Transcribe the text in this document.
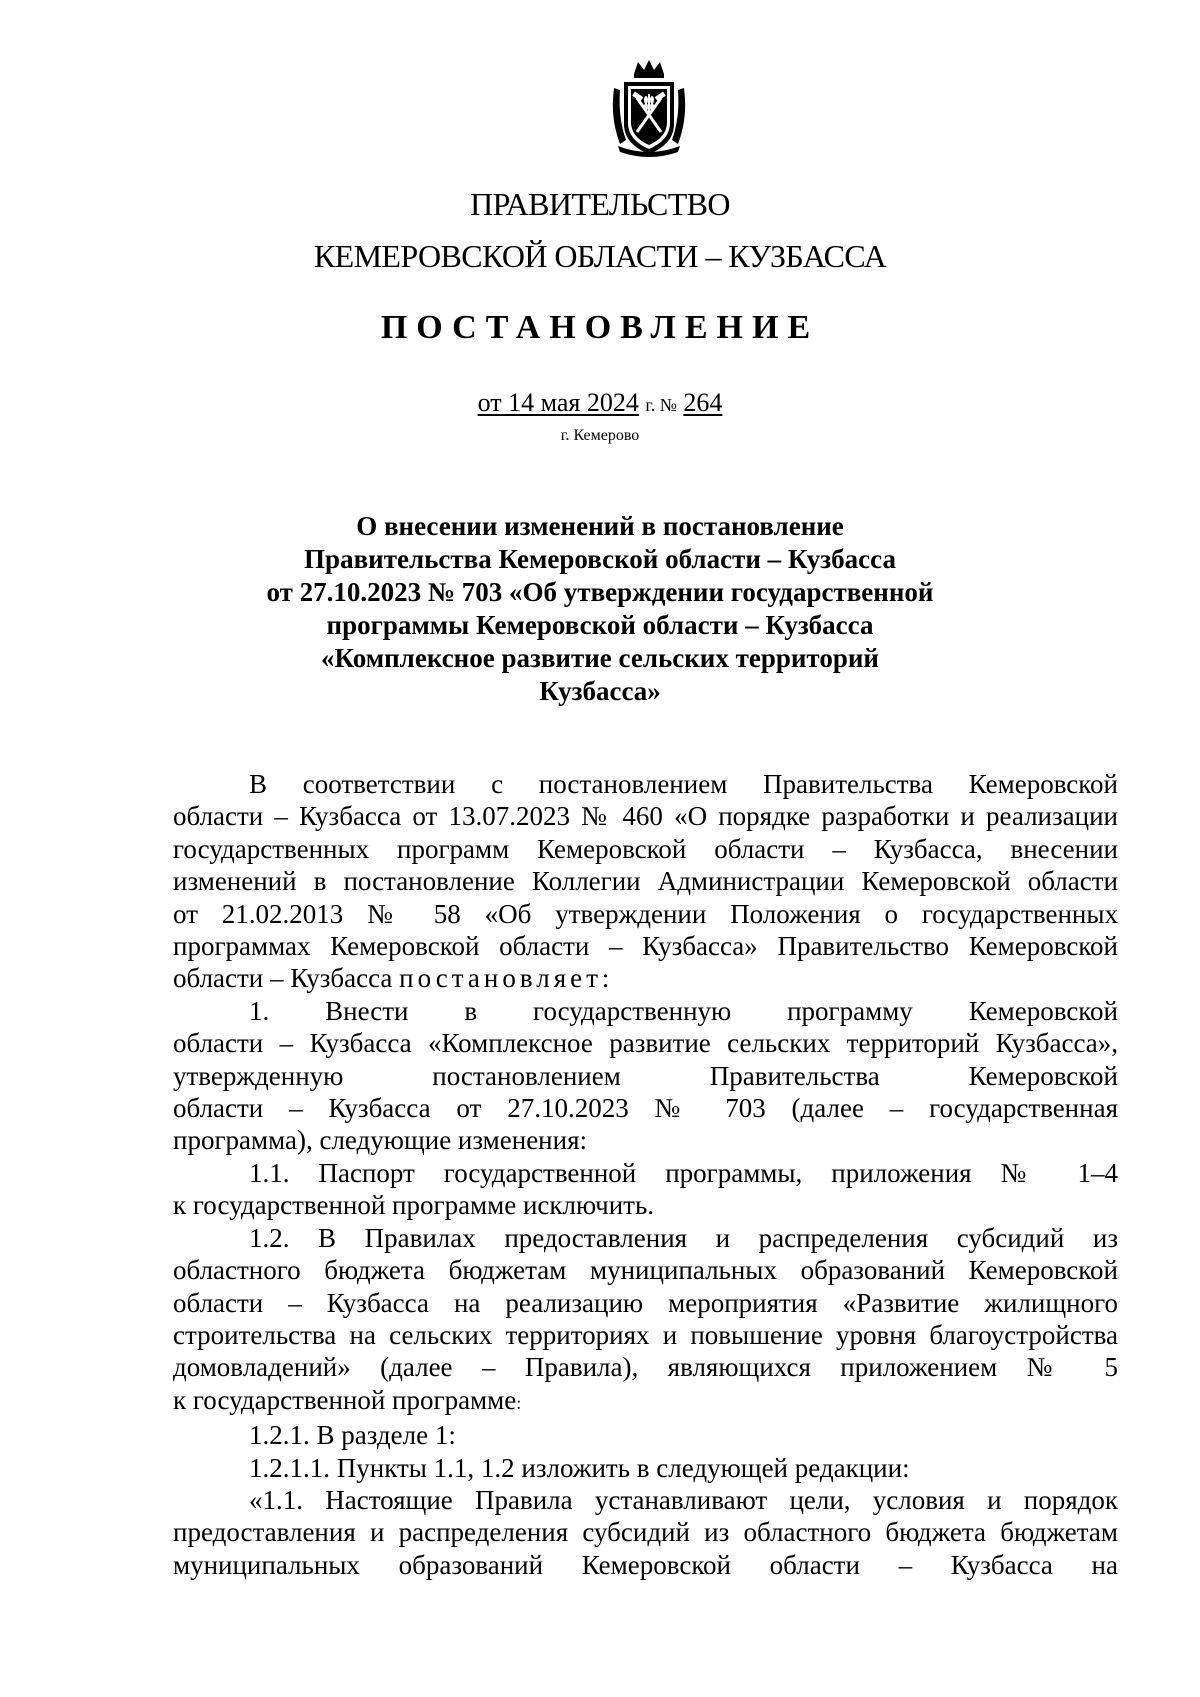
ПРАВИТЕЛЬСТВО
КЕМЕРОВСКОЙ ОБЛАСТИ – КУЗБАССА
ПОСТАНОВЛЕНИЕ
от 14 мая 2024 г. № 264
г. Кемерово
О внесении изменений в постановление
Правительства Кемеровской области – Кузбасса
от 27.10.2023 № 703 «Об утверждении государственной
программы Кемеровской области – Кузбасса
«Комплексное развитие сельских территорий
Кузбасса»

В соответствии с постановлением Правительства Кемеровской

области – Кузбасса от 13.07.2023 № 460 «О порядке разработки и реализации

государственных программ Кемеровской области – Кузбасса, внесении

изменений в постановление Коллегии Администрации Кемеровской области

от 21.02.2013 № 58 «Об утверждении Положения о государственных

программах Кемеровской области – Кузбасса» Правительство Кемеровской

области – Кузбасса постановляет:

1. Внести в государственную программу Кемеровской

области – Кузбасса «Комплексное развитие сельских территорий Кузбасса»,

утвержденную постановлением Правительства Кемеровской

области – Кузбасса от 27.10.2023 № 703 (далее – государственная

программа), следующие изменения:

1.1. Паспорт государственной программы, приложения № 1–4

к государственной программе исключить.

1.2. В Правилах предоставления и распределения субсидий из

областного бюджета бюджетам муниципальных образований Кемеровской

области – Кузбасса на реализацию мероприятия «Развитие жилищного

строительства на сельских территориях и повышение уровня благоустройства

домовладений» (далее – Правила), являющихся приложением № 5

к государственной программе:

1.2.1. В разделе 1:

1.2.1.1. Пункты 1.1, 1.2 изложить в следующей редакции:

«1.1. Настоящие Правила устанавливают цели, условия и порядок

предоставления и распределения субсидий из областного бюджета бюджетам

муниципальных образований Кемеровской области – Кузбасса на
